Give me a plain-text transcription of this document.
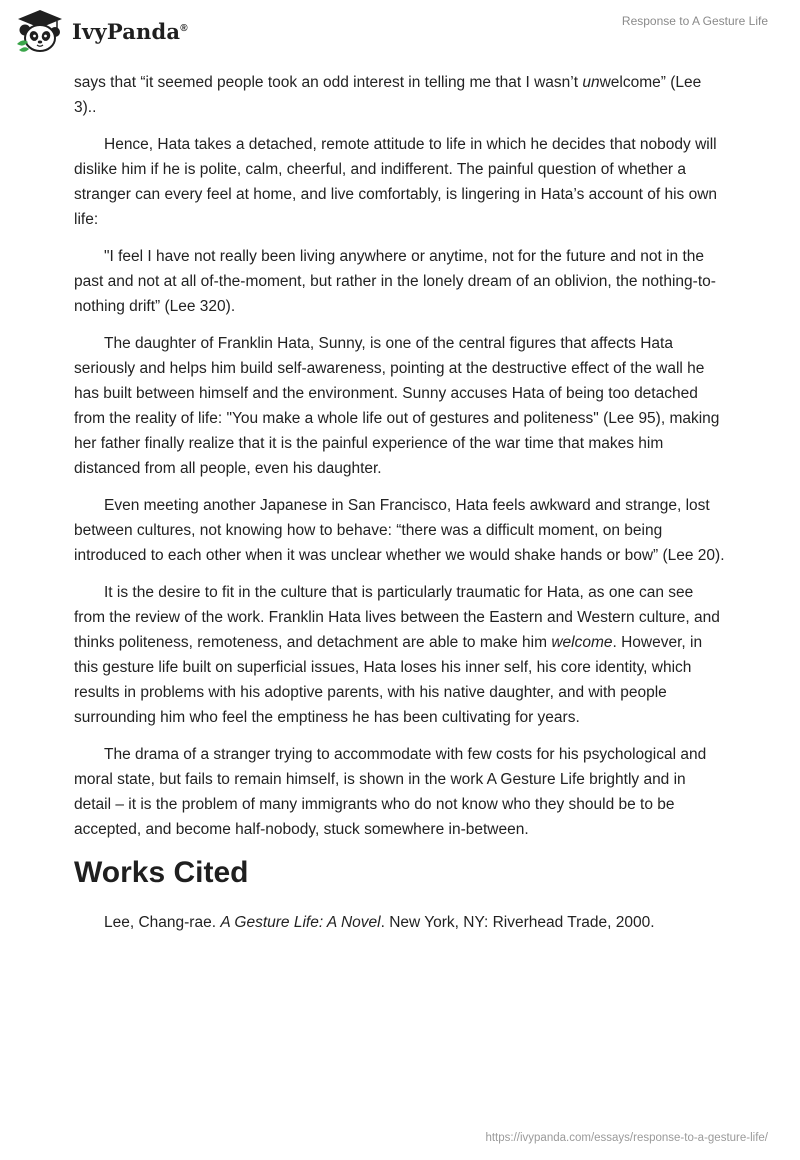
IvyPanda®	Response to A Gesture Life

says that “it seemed people took an odd interest in telling me that I wasn’t unwelcome” (Lee 3)..

Hence, Hata takes a detached, remote attitude to life in which he decides that nobody will dislike him if he is polite, calm, cheerful, and indifferent. The painful question of whether a stranger can every feel at home, and live comfortably, is lingering in Hata’s account of his own life:

"I feel I have not really been living anywhere or anytime, not for the future and not in the past and not at all of-the-moment, but rather in the lonely dream of an oblivion, the nothing-to-nothing drift” (Lee 320).

The daughter of Franklin Hata, Sunny, is one of the central figures that affects Hata seriously and helps him build self-awareness, pointing at the destructive effect of the wall he has built between himself and the environment. Sunny accuses Hata of being too detached from the reality of life: "You make a whole life out of gestures and politeness" (Lee 95), making her father finally realize that it is the painful experience of the war time that makes him distanced from all people, even his daughter.

Even meeting another Japanese in San Francisco, Hata feels awkward and strange, lost between cultures, not knowing how to behave: “there was a difficult moment, on being introduced to each other when it was unclear whether we would shake hands or bow” (Lee 20).

It is the desire to fit in the culture that is particularly traumatic for Hata, as one can see from the review of the work. Franklin Hata lives between the Eastern and Western culture, and thinks politeness, remoteness, and detachment are able to make him welcome. However, in this gesture life built on superficial issues, Hata loses his inner self, his core identity, which results in problems with his adoptive parents, with his native daughter, and with people surrounding him who feel the emptiness he has been cultivating for years.

The drama of a stranger trying to accommodate with few costs for his psychological and moral state, but fails to remain himself, is shown in the work A Gesture Life brightly and in detail – it is the problem of many immigrants who do not know who they should be to be accepted, and become half-nobody, stuck somewhere in-between.

Works Cited

Lee, Chang-rae. A Gesture Life: A Novel. New York, NY: Riverhead Trade, 2000.

https://ivypanda.com/essays/response-to-a-gesture-life/
